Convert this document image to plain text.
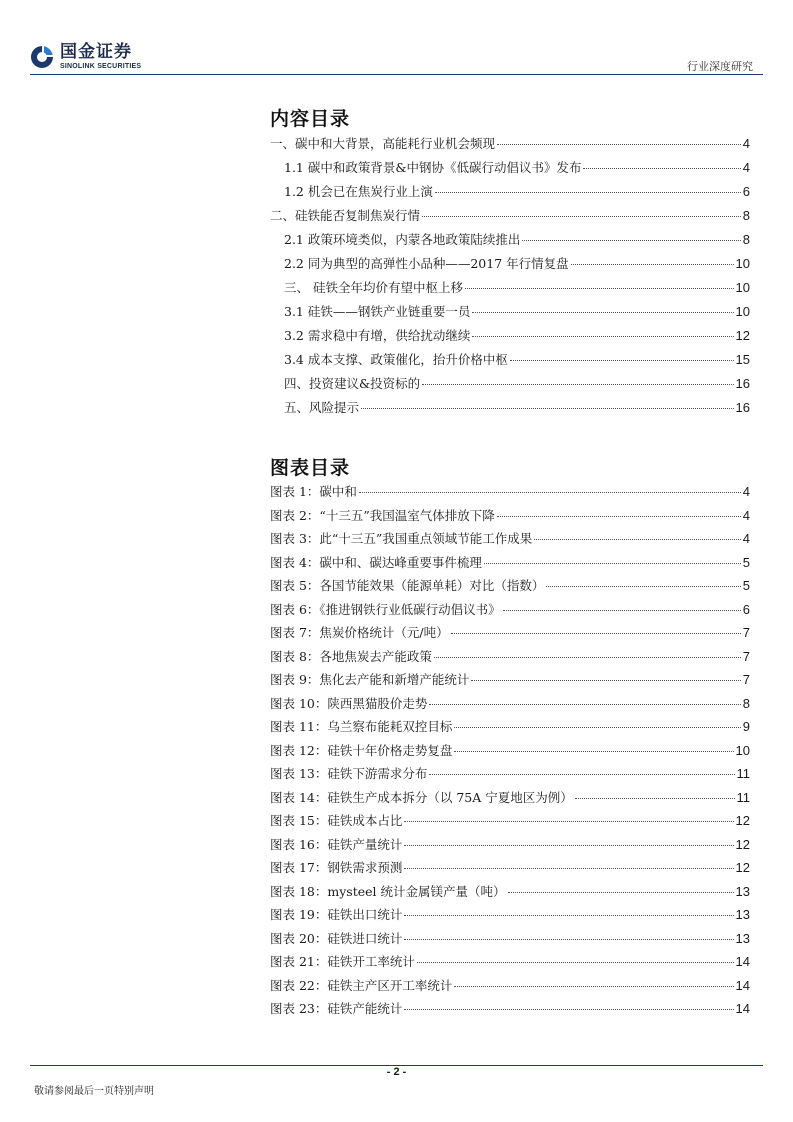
国金证券
SINOLINK SECURITIES	行业深度研究
内容目录
一、碳中和大背景，高能耗行业机会频现	4
1.1 碳中和政策背景&中钢协《低碳行动倡议书》发布	4
1.2 机会已在焦炭行业上演	6
二、硅铁能否复制焦炭行情	8
2.1 政策环境类似，内蒙各地政策陆续推出	8
2.2 同为典型的高弹性小品种——2017 年行情复盘	10
三、 硅铁全年均价有望中枢上移	10
3.1 硅铁——钢铁产业链重要一员	10
3.2 需求稳中有增，供给扰动继续	12
3.4 成本支撑、政策催化，抬升价格中枢	15
四、投资建议&投资标的	16
五、风险提示	16
图表目录
图表 1：碳中和	4
图表 2：“十三五”我国温室气体排放下降	4
图表 3：此“十三五”我国重点领域节能工作成果	4
图表 4：碳中和、碳达峰重要事件梳理	5
图表 5：各国节能效果（能源单耗）对比（指数）	5
图表 6：《推进钢铁行业低碳行动倡议书》	6
图表 7：焦炭价格统计（元/吨）	7
图表 8：各地焦炭去产能政策	7
图表 9：焦化去产能和新增产能统计	7
图表 10：陕西黑猫股价走势	8
图表 11：乌兰察布能耗双控目标	9
图表 12：硅铁十年价格走势复盘	10
图表 13：硅铁下游需求分布	11
图表 14：硅铁生产成本拆分（以 75A 宁夏地区为例）	11
图表 15：硅铁成本占比	12
图表 16：硅铁产量统计	12
图表 17：钢铁需求预测	12
图表 18：mysteel 统计金属镁产量（吨）	13
图表 19：硅铁出口统计	13
图表 20：硅铁进口统计	13
图表 21：硅铁开工率统计	14
图表 22：硅铁主产区开工率统计	14
图表 23：硅铁产能统计	14
- 2 -
敬请参阅最后一页特别声明
